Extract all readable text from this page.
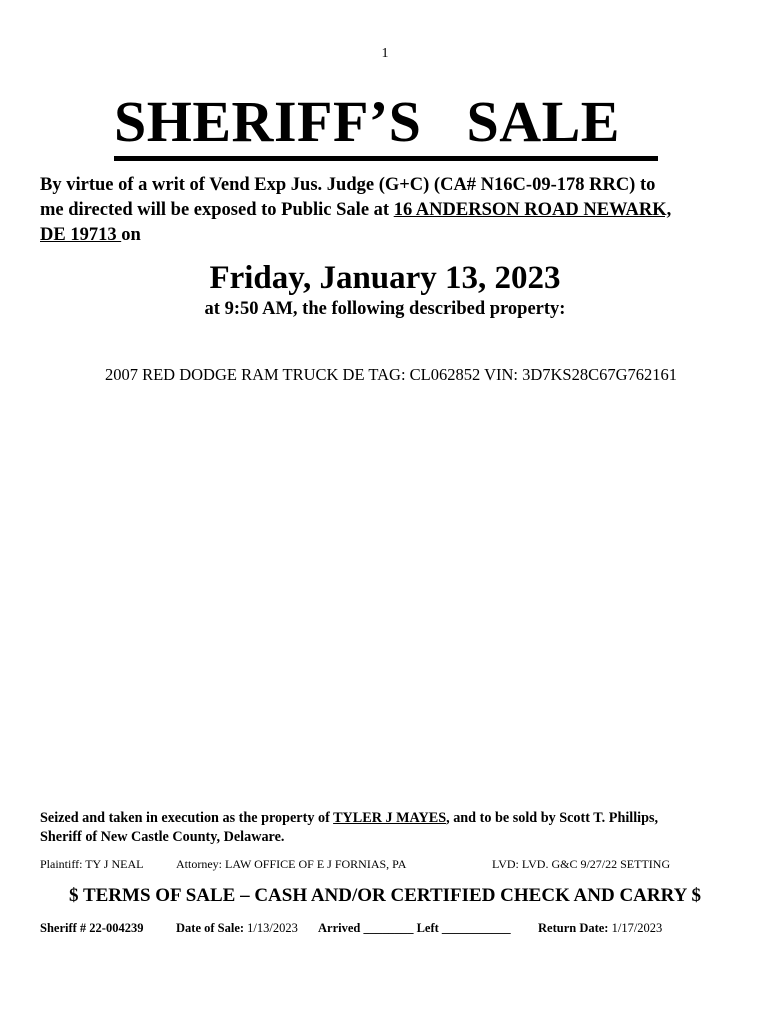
1
SHERIFF’S   SALE
By virtue of a writ of Vend Exp Jus. Judge (G+C) (CA# N16C-09-178 RRC) to
me directed will be exposed to Public Sale at 16 ANDERSON ROAD NEWARK,
DE 19713 on
Friday, January 13, 2023
at 9:50 AM, the following described property:
2007 RED DODGE RAM TRUCK DE TAG: CL062852 VIN: 3D7KS28C67G762161
Seized and taken in execution as the property of TYLER J MAYES, and to be sold by Scott T. Phillips,
Sheriff of New Castle County, Delaware.
Plaintiff: TY J NEAL	Attorney: LAW OFFICE OF E J FORNIAS, PA	LVD: LVD. G&C 9/27/22 SETTING
$ TERMS OF SALE – CASH AND/OR CERTIFIED CHECK AND CARRY $
Sheriff # 22-004239	Date of Sale: 1/13/2023 Arrived ________ Left ___________ Return Date: 1/17/2023
